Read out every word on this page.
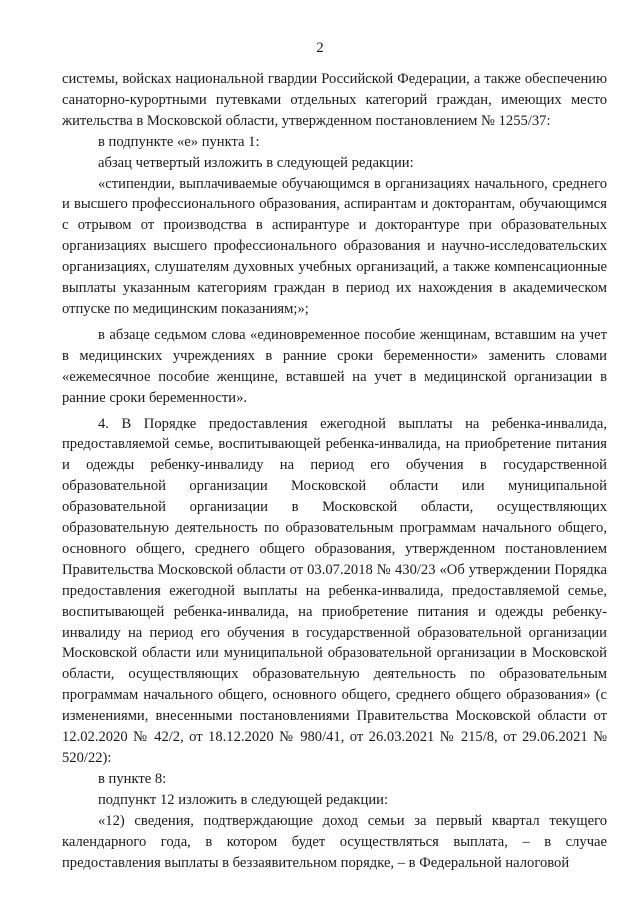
2

системы, войсках национальной гвардии Российской Федерации, а также обеспечению санаторно-курортными путевками отдельных категорий граждан, имеющих место жительства в Московской области, утвержденном постановлением № 1255/37:

в подпункте «е» пункта 1:

абзац четвертый изложить в следующей редакции:

«стипендии, выплачиваемые обучающимся в организациях начального, среднего и высшего профессионального образования, аспирантам и докторантам, обучающимся с отрывом от производства в аспирантуре и докторантуре при образовательных организациях высшего профессионального образования и научно-исследовательских организациях, слушателям духовных учебных организаций, а также компенсационные выплаты указанным категориям граждан в период их нахождения в академическом отпуске по медицинским показаниям;»;

в абзаце седьмом слова «единовременное пособие женщинам, вставшим на учет в медицинских учреждениях в ранние сроки беременности» заменить словами «ежемесячное пособие женщине, вставшей на учет в медицинской организации в ранние сроки беременности».

4. В Порядке предоставления ежегодной выплаты на ребенка-инвалида, предоставляемой семье, воспитывающей ребенка-инвалида, на приобретение питания и одежды ребенку-инвалиду на период его обучения в государственной образовательной организации Московской области или муниципальной образовательной организации в Московской области, осуществляющих образовательную деятельность по образовательным программам начального общего, основного общего, среднего общего образования, утвержденном постановлением Правительства Московской области от 03.07.2018 № 430/23 «Об утверждении Порядка предоставления ежегодной выплаты на ребенка-инвалида, предоставляемой семье, воспитывающей ребенка-инвалида, на приобретение питания и одежды ребенку-инвалиду на период его обучения в государственной образовательной организации Московской области или муниципальной образовательной организации в Московской области, осуществляющих образовательную деятельность по образовательным программам начального общего, основного общего, среднего общего образования» (с изменениями, внесенными постановлениями Правительства Московской области от 12.02.2020 № 42/2, от 18.12.2020 № 980/41, от 26.03.2021 № 215/8, от 29.06.2021 № 520/22):

в пункте 8:

подпункт 12 изложить в следующей редакции:

«12) сведения, подтверждающие доход семьи за первый квартал текущего календарного года, в котором будет осуществляться выплата, – в случае предоставления выплаты в беззаявительном порядке, – в Федеральной налоговой
